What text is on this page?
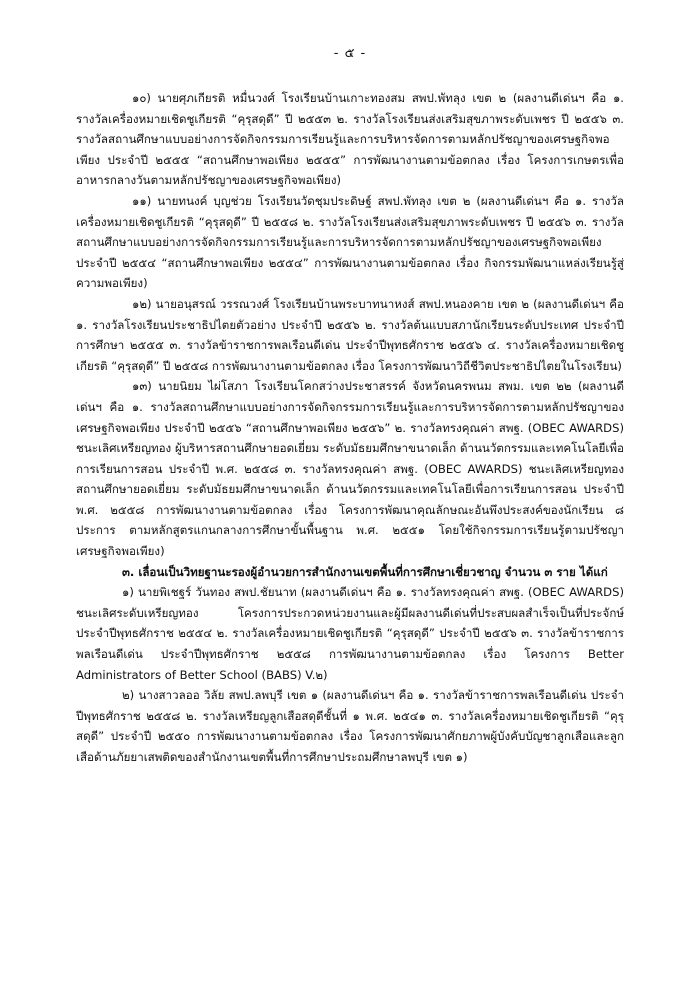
- ๕ -

๑๐) นายศุภเกียรติ หมื่นวงศ์ โรงเรียนบ้านเกาะทองสม สพป.พัทลุง เขต ๒ (ผลงานดีเด่นฯ คือ ๑. รางวัลเครื่องหมายเชิดชูเกียรติ “คุรุสดุดี” ปี ๒๕๕๓ ๒. รางวัลโรงเรียนส่งเสริมสุขภาพระดับเพชร ปี ๒๕๕๖ ๓. รางวัลสถานศึกษาแบบอย่างการจัดกิจกรรมการเรียนรู้และการบริหารจัดการตามหลักปรัชญาของเศรษฐกิจพอเพียง ประจำปี ๒๕๕๕ “สถานศึกษาพอเพียง ๒๕๕๕” การพัฒนางานตามข้อตกลง เรื่อง โครงการเกษตรเพื่ออาหารกลางวันตามหลักปรัชญาของเศรษฐกิจพอเพียง)

๑๑) นายทนงค์ บุญช่วย โรงเรียนวัดชุมประดิษฐ์ สพป.พัทลุง เขต ๒ (ผลงานดีเด่นฯ คือ ๑. รางวัลเครื่องหมายเชิดชูเกียรติ “คุรุสดุดี” ปี ๒๕๕๘ ๒. รางวัลโรงเรียนส่งเสริมสุขภาพระดับเพชร ปี ๒๕๕๖ ๓. รางวัลสถานศึกษาแบบอย่างการจัดกิจกรรมการเรียนรู้และการบริหารจัดการตามหลักปรัชญาของเศรษฐกิจพอเพียง ประจำปี ๒๕๕๔ “สถานศึกษาพอเพียง ๒๕๕๔” การพัฒนางานตามข้อตกลง เรื่อง กิจกรรมพัฒนาแหล่งเรียนรู้สู่ความพอเพียง)

๑๒) นายอนุสรณ์ วรรณวงศ์ โรงเรียนบ้านพระบาทนาหงส์ สพป.หนองคาย เขต ๒ (ผลงานดีเด่นฯ คือ ๑. รางวัลโรงเรียนประชาธิปไตยตัวอย่าง ประจำปี ๒๕๕๖ ๒. รางวัลต้นแบบสภานักเรียนระดับประเทศ ประจำปีการศึกษา ๒๕๕๕ ๓. รางวัลข้าราชการพลเรือนดีเด่น ประจำปีพุทธศักราช ๒๕๕๖ ๔. รางวัลเครื่องหมายเชิดชูเกียรติ “คุรุสดุดี” ปี ๒๕๕๘ การพัฒนางานตามข้อตกลง เรื่อง โครงการพัฒนาวิถีชีวิตประชาธิปไตยในโรงเรียน)

๑๓) นายนิยม ไผ่โสภา โรงเรียนโคกสว่างประชาสรรค์ จังหวัดนครพนม สพม. เขต ๒๒ (ผลงานดีเด่นฯ คือ ๑. รางวัลสถานศึกษาแบบอย่างการจัดกิจกรรมการเรียนรู้และการบริหารจัดการตามหลักปรัชญาของเศรษฐกิจพอเพียง ประจำปี ๒๕๕๖ “สถานศึกษาพอเพียง ๒๕๕๖” ๒. รางวัลทรงคุณค่า สพฐ. (OBEC AWARDS) ชนะเลิศเหรียญทอง ผู้บริหารสถานศึกษายอดเยี่ยม ระดับมัธยมศึกษาขนาดเล็ก ด้านนวัตกรรมและเทคโนโลยีเพื่อการเรียนการสอน ประจำปี พ.ศ. ๒๕๕๘ ๓. รางวัลทรงคุณค่า สพฐ. (OBEC AWARDS) ชนะเลิศเหรียญทอง สถานศึกษายอดเยี่ยม ระดับมัธยมศึกษาขนาดเล็ก ด้านนวัตกรรมและเทคโนโลยีเพื่อการเรียนการสอน ประจำปี พ.ศ. ๒๕๕๘ การพัฒนางานตามข้อตกลง เรื่อง โครงการพัฒนาคุณลักษณะอันพึงประสงค์ของนักเรียน ๘ ประการ ตามหลักสูตรแกนกลางการศึกษาขั้นพื้นฐาน พ.ศ. ๒๕๕๑ โดยใช้กิจกรรมการเรียนรู้ตามปรัชญาเศรษฐกิจพอเพียง)

๓. เลื่อนเป็นวิทยฐานะรองผู้อำนวยการสำนักงานเขตพื้นที่การศึกษาเชี่ยวชาญ จำนวน ๓ ราย ได้แก่

๑) นายพิเชฐร์ วันทอง สพป.ชัยนาท (ผลงานดีเด่นฯ คือ ๑. รางวัลทรงคุณค่า สพฐ. (OBEC AWARDS) ชนะเลิศระดับเหรียญทอง โครงการประกวดหน่วยงานและผู้มีผลงานดีเด่นที่ประสบผลสำเร็จเป็นที่ประจักษ์ ประจำปีพุทธศักราช ๒๕๕๔ ๒. รางวัลเครื่องหมายเชิดชูเกียรติ “คุรุสดุดี” ประจำปี ๒๕๕๖ ๓. รางวัลข้าราชการพลเรือนดีเด่น ประจำปีพุทธศักราช ๒๕๕๘ การพัฒนางานตามข้อตกลง เรื่อง โครงการ Better Administrators of Better School (BABS) V.๒)

๒) นางสาวลออ วิลัย สพป.ลพบุรี เขต ๑ (ผลงานดีเด่นฯ คือ ๑. รางวัลข้าราชการพลเรือนดีเด่น ประจำปีพุทธศักราช ๒๕๕๘ ๒. รางวัลเหรียญลูกเสือสดุดีชั้นที่ ๑ พ.ศ. ๒๕๔๑ ๓. รางวัลเครื่องหมายเชิดชูเกียรติ “คุรุสดุดี” ประจำปี ๒๕๕๐ การพัฒนางานตามข้อตกลง เรื่อง โครงการพัฒนาศักยภาพผู้บังคับบัญชาลูกเสือและลูกเสือด้านภัยยาเสพติดของสำนักงานเขตพื้นที่การศึกษาประถมศึกษาลพบุรี เขต ๑)
